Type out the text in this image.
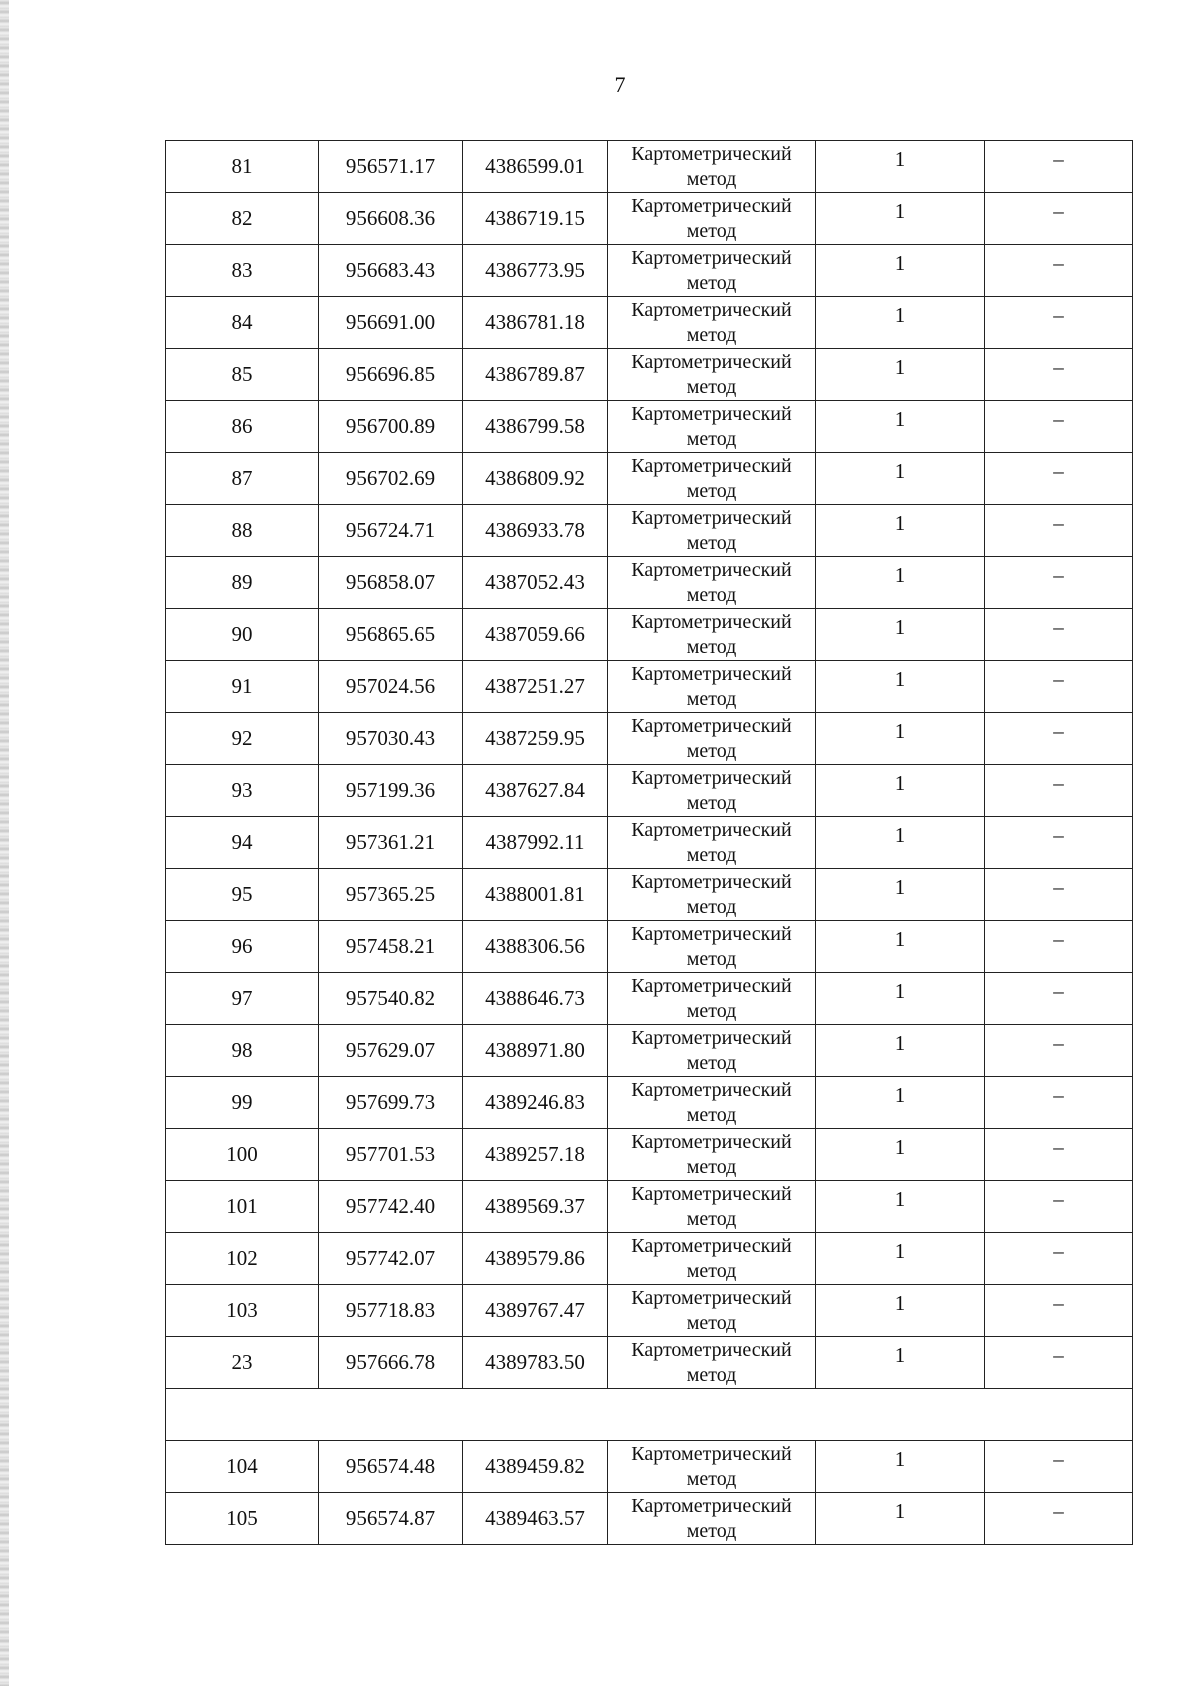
7
81	956571.17	4386599.01	Картометрический метод	1	–
82	956608.36	4386719.15	Картометрический метод	1	–
83	956683.43	4386773.95	Картометрический метод	1	–
84	956691.00	4386781.18	Картометрический метод	1	–
85	956696.85	4386789.87	Картометрический метод	1	–
86	956700.89	4386799.58	Картометрический метод	1	–
87	956702.69	4386809.92	Картометрический метод	1	–
88	956724.71	4386933.78	Картометрический метод	1	–
89	956858.07	4387052.43	Картометрический метод	1	–
90	956865.65	4387059.66	Картометрический метод	1	–
91	957024.56	4387251.27	Картометрический метод	1	–
92	957030.43	4387259.95	Картометрический метод	1	–
93	957199.36	4387627.84	Картометрический метод	1	–
94	957361.21	4387992.11	Картометрический метод	1	–
95	957365.25	4388001.81	Картометрический метод	1	–
96	957458.21	4388306.56	Картометрический метод	1	–
97	957540.82	4388646.73	Картометрический метод	1	–
98	957629.07	4388971.80	Картометрический метод	1	–
99	957699.73	4389246.83	Картометрический метод	1	–
100	957701.53	4389257.18	Картометрический метод	1	–
101	957742.40	4389569.37	Картометрический метод	1	–
102	957742.07	4389579.86	Картометрический метод	1	–
103	957718.83	4389767.47	Картометрический метод	1	–
23	957666.78	4389783.50	Картометрический метод	1	–

104	956574.48	4389459.82	Картометрический метод	1	–
105	956574.87	4389463.57	Картометрический метод	1	–
